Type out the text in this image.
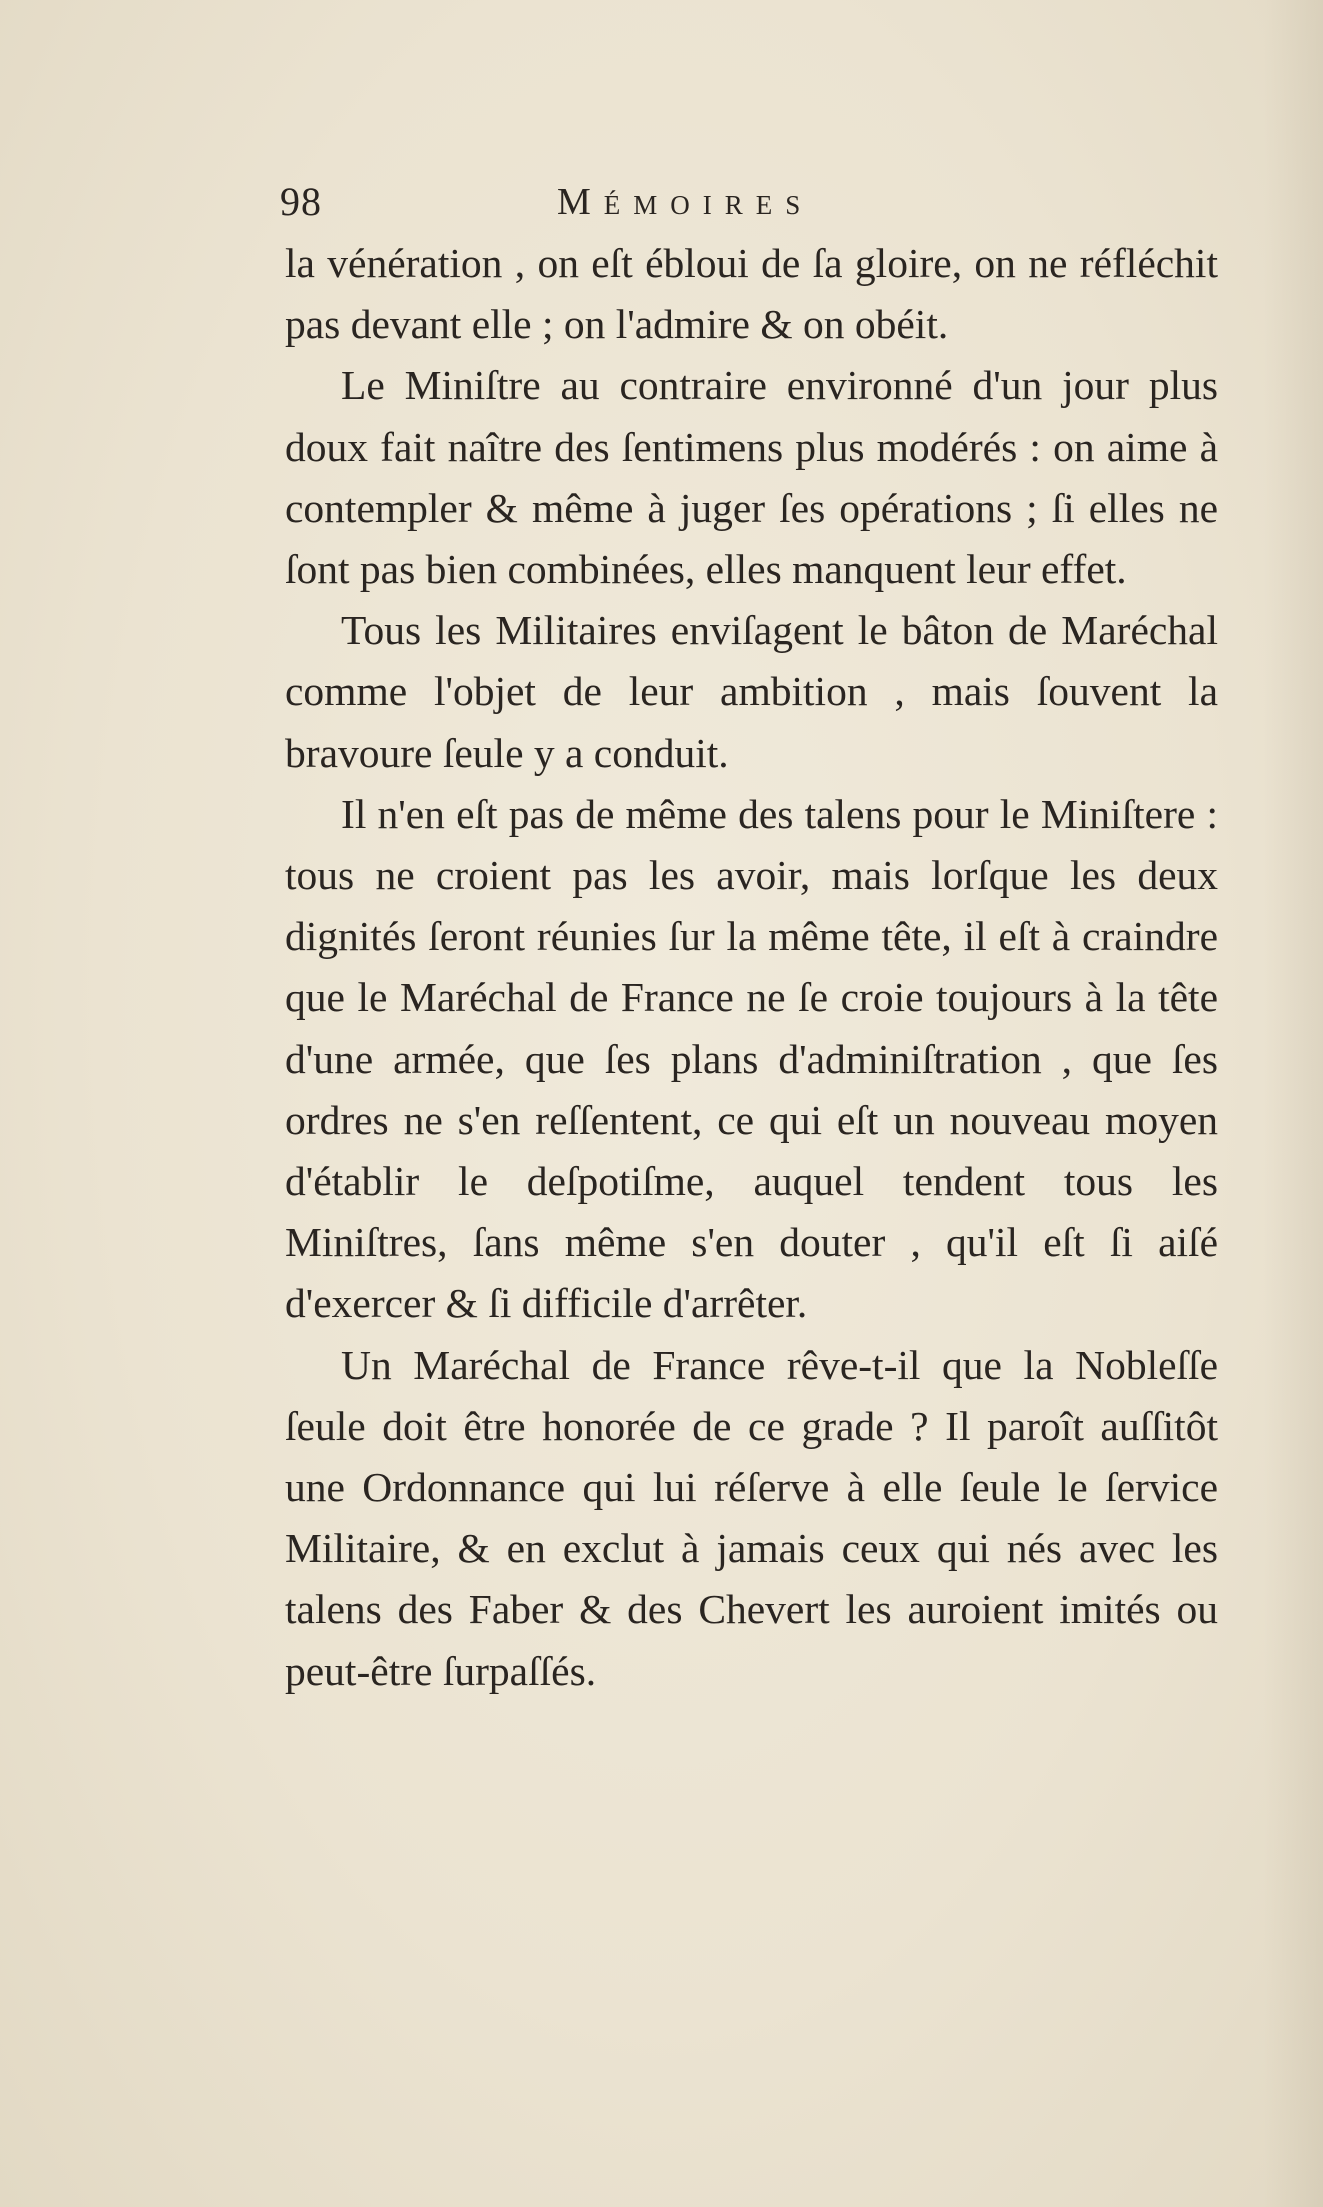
98	Mémoires

la vénération , on eſt ébloui de ſa gloire, on ne réfléchit pas devant elle ; on l'admire & on obéit.

Le Miniſtre au contraire environné d'un jour plus doux fait naître des ſentimens plus modérés : on aime à contempler & même à juger ſes opérations ; ſi elles ne ſont pas bien combinées, elles manquent leur effet.

Tous les Militaires enviſagent le bâton de Maréchal comme l'objet de leur ambition , mais ſouvent la bravoure ſeule y a conduit.

Il n'en eſt pas de même des talens pour le Miniſtere : tous ne croient pas les avoir, mais lorſque les deux dignités ſeront réunies ſur la même tête, il eſt à craindre que le Maréchal de France ne ſe croie toujours à la tête d'une armée, que ſes plans d'adminiſtration , que ſes ordres ne s'en reſſentent, ce qui eſt un nouveau moyen d'établir le deſpotiſme, auquel tendent tous les Miniſtres, ſans même s'en douter , qu'il eſt ſi aiſé d'exercer & ſi difficile d'arrêter.

Un Maréchal de France rêve-t-il que la Nobleſſe ſeule doit être honorée de ce grade ? Il paroît auſſitôt une Ordonnance qui lui réſerve à elle ſeule le ſervice Militaire, & en exclut à jamais ceux qui nés avec les talens des Faber & des Chevert les auroient imités ou peut-être ſurpaſſés.
